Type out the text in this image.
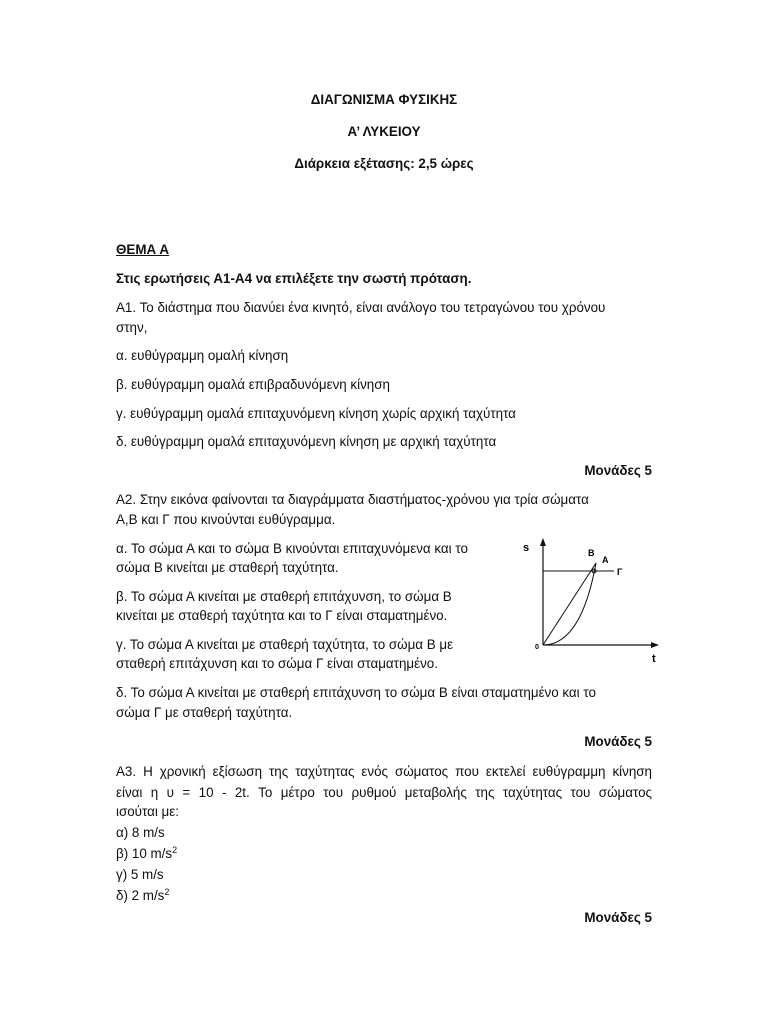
ΔΙΑΓΩΝΙΣΜΑ ΦΥΣΙΚΗΣ
Α’ ΛΥΚΕΙΟΥ
Διάρκεια εξέτασης: 2,5 ώρες
ΘΕΜΑ Α
Στις ερωτήσεις Α1-Α4 να επιλέξετε την σωστή πρόταση.
Α1. Το διάστημα που διανύει ένα κινητό, είναι ανάλογο του τετραγώνου του χρόνου
στην,
α. ευθύγραμμη ομαλή κίνηση
β. ευθύγραμμη ομαλά επιβραδυνόμενη κίνηση
γ. ευθύγραμμη ομαλά επιταχυνόμενη κίνηση χωρίς αρχική ταχύτητα
δ. ευθύγραμμη ομαλά επιταχυνόμενη κίνηση με αρχική ταχύτητα
Μονάδες 5
Α2. Στην εικόνα φαίνονται τα διαγράμματα διαστήματος-χρόνου για τρία σώματα
Α,Β και Γ που κινούνται ευθύγραμμα.
α. Το σώμα Α και το σώμα Β κινούνται επιταχυνόμενα και το
σώμα Β κινείται με σταθερή ταχύτητα.
β. Το σώμα Α κινείται με σταθερή επιτάχυνση, το σώμα Β
κινείται με σταθερή ταχύτητα και το Γ είναι σταματημένο.
γ. Το σώμα Α κινείται με σταθερή ταχύτητα, το σώμα Β με
σταθερή επιτάχυνση και το σώμα Γ είναι σταματημένο.
s
t
0
Β
Α
Γ
δ. Το σώμα Α κινείται με σταθερή επιτάχυνση το σώμα Β είναι σταματημένο και το
σώμα Γ με σταθερή ταχύτητα.
Μονάδες 5
Α3. Η χρονική εξίσωση της ταχύτητας ενός σώματος που εκτελεί ευθύγραμμη κίνηση
είναι η υ = 10 - 2t. Το μέτρο του ρυθμού μεταβολής της ταχύτητας του σώματος
ισούται με:
α) 8 m/s
β) 10 $m/s^2$
γ) 5 m/s
δ) 2 $m/s^2$
Μονάδες 5
